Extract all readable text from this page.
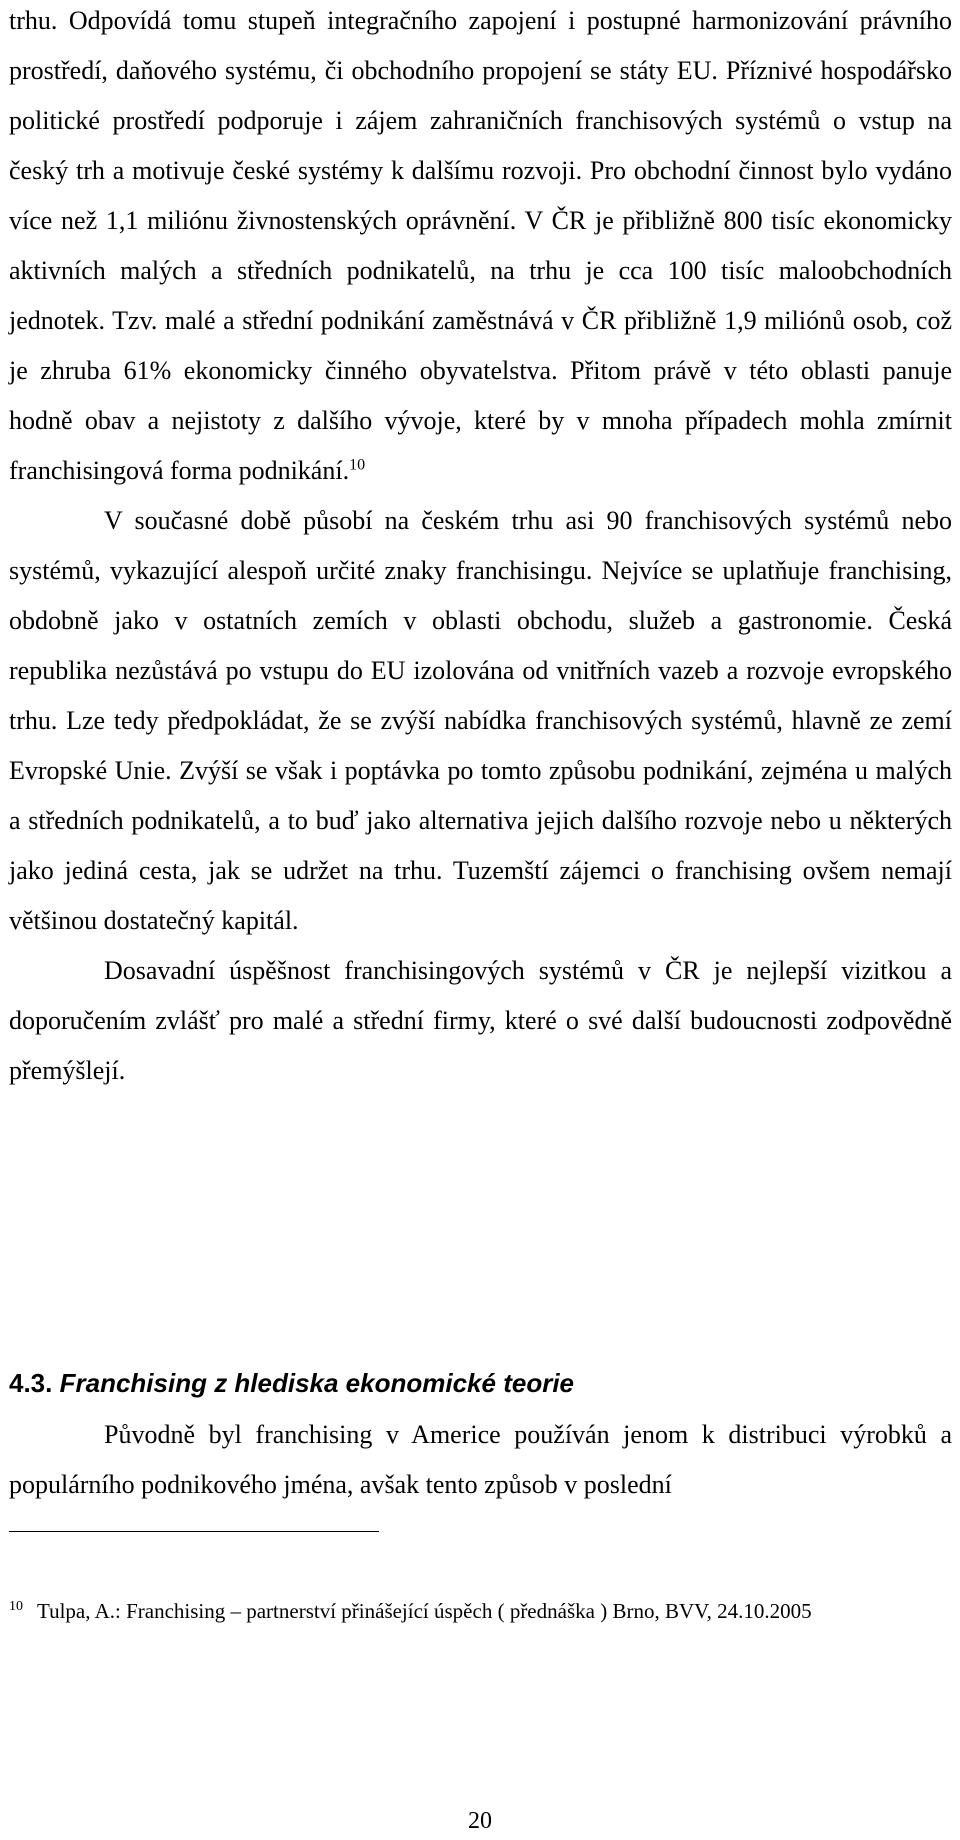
trhu. Odpovídá tomu stupeň integračního zapojení i postupné harmonizování právního prostředí, daňového systému, či obchodního propojení se státy EU. Příznivé hospodářsko politické prostředí podporuje i zájem zahraničních franchisových systémů o vstup na český trh a motivuje české systémy k dalšímu rozvoji. Pro obchodní činnost bylo vydáno více než 1,1 miliónu živnostenských oprávnění. V ČR je přibližně 800 tisíc ekonomicky aktivních malých a středních podnikatelů, na trhu je cca 100 tisíc maloobchodních jednotek. Tzv. malé a střední podnikání zaměstnává v ČR přibližně 1,9 miliónů osob, což je zhruba 61% ekonomicky činného obyvatelstva. Přitom právě v této oblasti panuje hodně obav a nejistoty z dalšího vývoje, které by v mnoha případech mohla zmírnit franchisingová forma podnikání.$^{10}$

V současné době působí na českém trhu asi 90 franchisových systémů nebo systémů, vykazující alespoň určité znaky franchisingu. Nejvíce se uplatňuje franchising, obdobně jako v ostatních zemích v oblasti obchodu, služeb a gastronomie. Česká republika nezůstává po vstupu do EU izolována od vnitřních vazeb a rozvoje evropského trhu. Lze tedy předpokládat, že se zvýší nabídka franchisových systémů, hlavně ze zemí Evropské Unie. Zvýší se však i poptávka po tomto způsobu podnikání, zejména u malých a středních podnikatelů, a to buď jako alternativa jejich dalšího rozvoje nebo u některých jako jediná cesta, jak se udržet na trhu. Tuzemští zájemci o franchising ovšem nemají většinou dostatečný kapitál.

Dosavadní úspěšnost franchisingových systémů v ČR je nejlepší vizitkou a doporučením zvlášť pro malé a střední firmy, které o své další budoucnosti zodpovědně přemýšlejí.

4.3. Franchising z hlediska ekonomické teorie

Původně byl franchising v Americe používán jenom k distribuci výrobků a populárního podnikového jména, avšak tento způsob v poslední

$^{10}$ Tulpa, A.: Franchising – partnerství přinášející úspěch ( přednáška ) Brno, BVV, 24.10.2005
20
